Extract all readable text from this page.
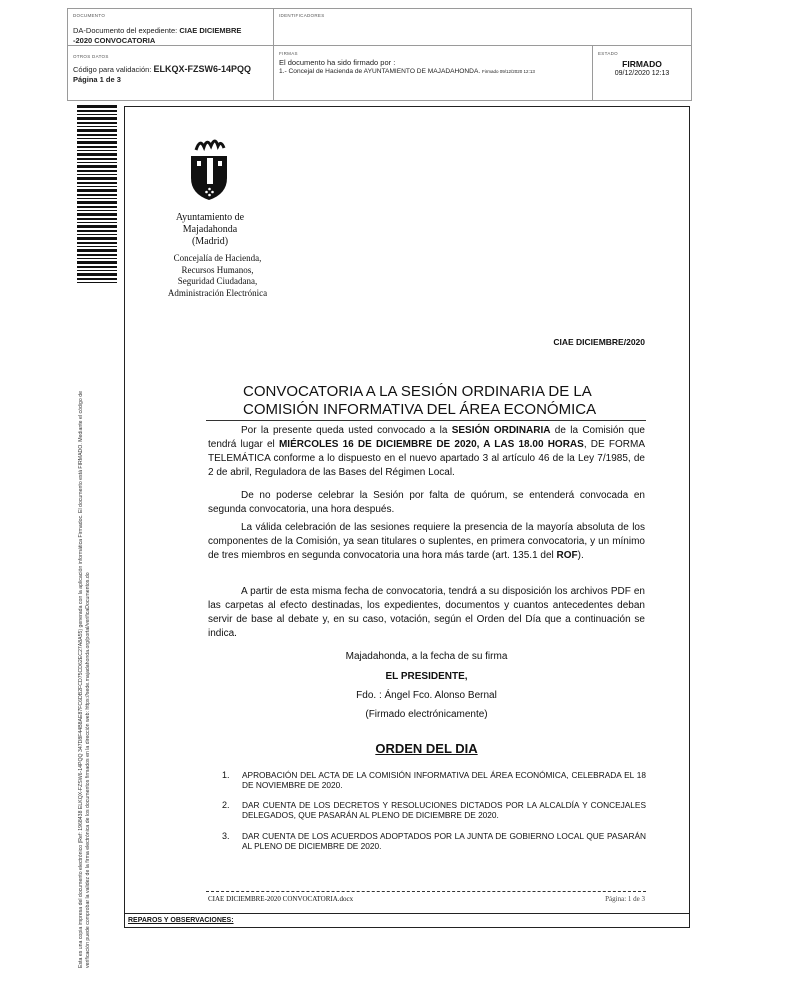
DOCUMENTO
DA-Documento del expediente: CIAE DICIEMBRE
-2020 CONVOCATORIA
IDENTIFICADORES
OTROS DATOS
Código para validación: ELKQX-FZSW6-14PQQ
Página 1 de 3
FIRMAS
El documento ha sido firmado por :
1.- Concejal de Hacienda de AYUNTAMIENTO DE MAJADAHONDA. Firmado 09/12/2020 12:13
ESTADO
FIRMADO
09/12/2020 12:13
Esta es una copia impresa del documento electrónico (Ref: 1968438 ELKQX-FZSW6-14PQQ 347D8F44B8AE87FC6DB2FCD75CD62EC27A8A55) generada con la aplicación informática Firmadoc. El documento está FIRMADO. Mediante el código de verificación puede comprobar la validez de la firma electrónica de los documentos firmados en la dirección web: https://sede.majadahonda.org/portal/verificaDocumentos.do
Ayuntamiento de
Majadahonda
(Madrid)
Concejalía de Hacienda,
Recursos Humanos,
Seguridad Ciudadana,
Administración Electrónica
CIAE DICIEMBRE/2020
CONVOCATORIA A LA SESIÓN ORDINARIA DE LA
COMISIÓN INFORMATIVA DEL ÁREA ECONÓMICA
Por la presente queda usted convocado a la SESIÓN ORDINARIA de la Comisión que tendrá lugar el MIÉRCOLES 16 DE DICIEMBRE DE 2020, A LAS 18.00 HORAS, DE FORMA TELEMÁTICA conforme a lo dispuesto en el nuevo apartado 3 al artículo 46 de la Ley 7/1985, de 2 de abril, Reguladora de las Bases del Régimen Local.
De no poderse celebrar la Sesión por falta de quórum, se entenderá convocada en segunda convocatoria, una hora después.
La válida celebración de las sesiones requiere la presencia de la mayoría absoluta de los componentes de la Comisión, ya sean titulares o suplentes, en primera convocatoria, y un mínimo de tres miembros en segunda convocatoria una hora más tarde (art. 135.1 del ROF).
A partir de esta misma fecha de convocatoria, tendrá a su disposición los archivos PDF en las carpetas al efecto destinadas, los expedientes, documentos y cuantos antecedentes deban servir de base al debate y, en su caso, votación, según el Orden del Día que a continuación se indica.
Majadahonda, a la fecha de su firma
EL PRESIDENTE,
Fdo. : Ángel Fco. Alonso Bernal
(Firmado electrónicamente)
ORDEN DEL DIA
1. APROBACIÓN DEL ACTA DE LA COMISIÓN INFORMATIVA DEL ÁREA ECONÓMICA, CELEBRADA EL 18 DE NOVIEMBRE DE 2020.
2. DAR CUENTA DE LOS DECRETOS Y RESOLUCIONES DICTADOS POR LA ALCALDÍA Y CONCEJALES DELEGADOS, QUE PASARÁN AL PLENO DE DICIEMBRE DE 2020.
3. DAR CUENTA DE LOS ACUERDOS ADOPTADOS POR LA JUNTA DE GOBIERNO LOCAL QUE PASARÁN AL PLENO DE DICIEMBRE DE 2020.
CIAE DICIEMBRE-2020 CONVOCATORIA.docx	Página: 1 de 3
REPAROS Y OBSERVACIONES:
